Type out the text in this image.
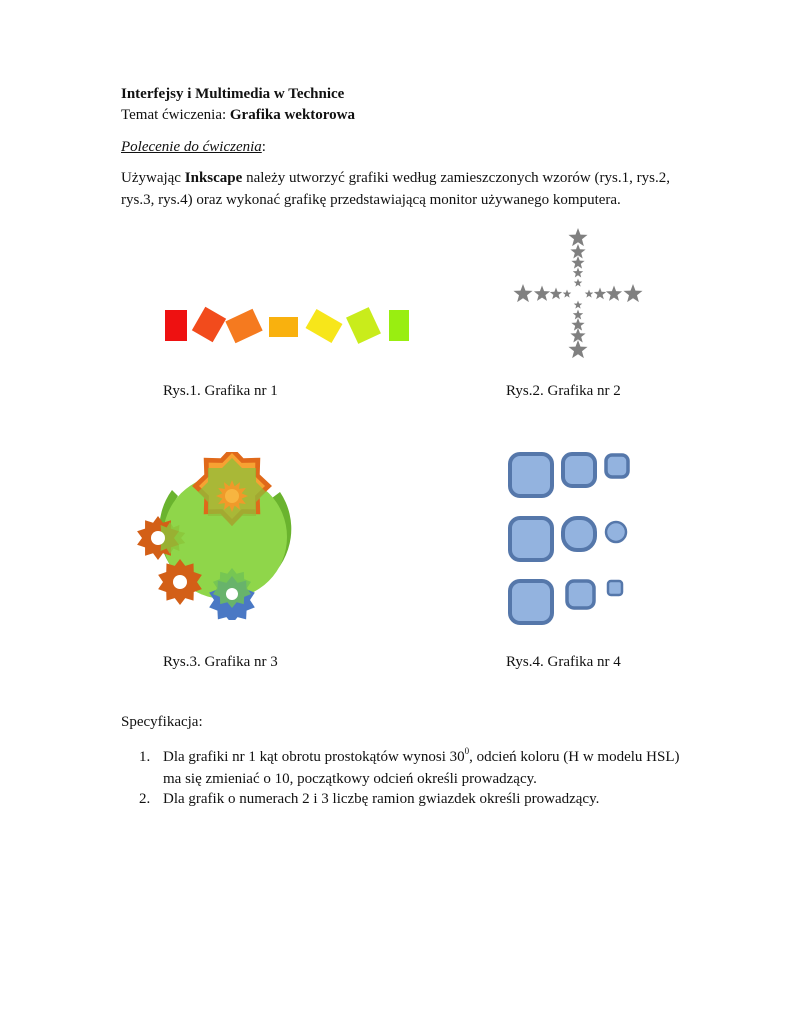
Interfejsy i Multimedia w Technice
Temat ćwiczenia: Grafika wektorowa
Polecenie do ćwiczenia:
Używając Inkscape należy utworzyć grafiki według zamieszczonych wzorów (rys.1, rys.2, rys.3, rys.4) oraz wykonać grafikę przedstawiającą monitor używanego komputera.
Rys.1. Grafika nr 1	Rys.2. Grafika nr 2
Rys.3. Grafika nr 3	Rys.4. Grafika nr 4
Specyfikacja:
1. Dla grafiki nr 1 kąt obrotu prostokątów wynosi $30^0$, odcień koloru (H w modelu HSL) ma się zmieniać o 10, początkowy odcień określi prowadzący.
2. Dla grafik o numerach 2 i 3 liczbę ramion gwiazdek określi prowadzący.
